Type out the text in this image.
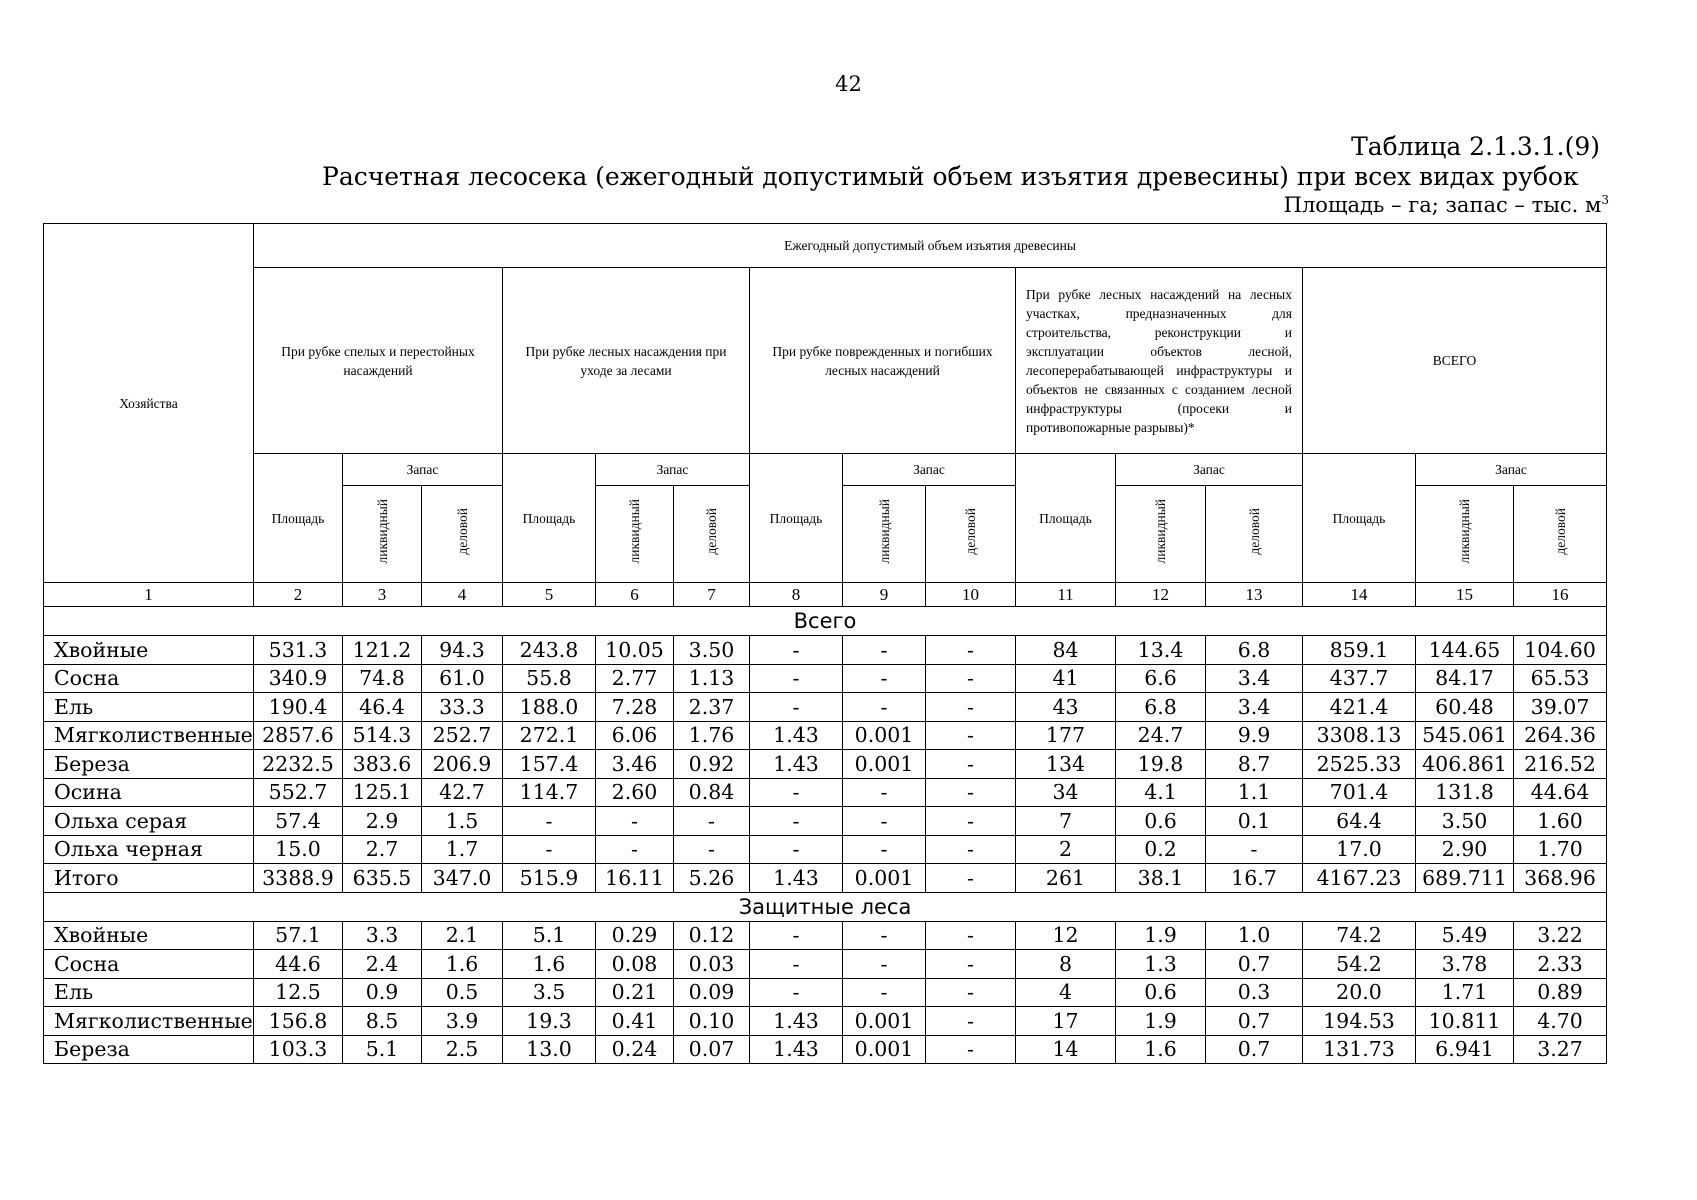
42
Таблица 2.1.3.1.(9)
Расчетная лесосека (ежегодный допустимый объем изъятия древесины) при всех видах рубок
Площадь – га; запас – тыс. $м^3$
Хозяйства	Ежегодный допустимый объем изъятия древесины														
	При рубке спелых и перестойных насаждений			При рубке лесных насаждения при уходе за лесами			При рубке поврежденных и погибших лесных насаждений			При рубке лесных насаждений на лесных участках, предназначенных для строительства, реконструкции и эксплуатации объектов лесной, лесоперерабатывающей инфраструктуры и объектов не связанных с созданием лесной инфраструктуры (просеки и противопожарные разрывы)*			ВСЕГО		
	Площадь	Запас		Площадь	Запас		Площадь	Запас		Площадь	Запас		Площадь	Запас	
		ликвидный	деловой		ликвидный	деловой		ликвидный	деловой		ликвидный	деловой		ликвидный	деловой
1	2	3	4	5	6	7	8	9	10	11	12	13	14	15	16
Всего															
Хвойные	531.3	121.2	94.3	243.8	10.05	3.50	-	-	-	84	13.4	6.8	859.1	144.65	104.60
Сосна	340.9	74.8	61.0	55.8	2.77	1.13	-	-	-	41	6.6	3.4	437.7	84.17	65.53
Ель	190.4	46.4	33.3	188.0	7.28	2.37	-	-	-	43	6.8	3.4	421.4	60.48	39.07
Мягколиственные	2857.6	514.3	252.7	272.1	6.06	1.76	1.43	0.001	-	177	24.7	9.9	3308.13	545.061	264.36
Береза	2232.5	383.6	206.9	157.4	3.46	0.92	1.43	0.001	-	134	19.8	8.7	2525.33	406.861	216.52
Осина	552.7	125.1	42.7	114.7	2.60	0.84	-	-	-	34	4.1	1.1	701.4	131.8	44.64
Ольха серая	57.4	2.9	1.5	-	-	-	-	-	-	7	0.6	0.1	64.4	3.50	1.60
Ольха черная	15.0	2.7	1.7	-	-	-	-	-	-	2	0.2	-	17.0	2.90	1.70
Итого	3388.9	635.5	347.0	515.9	16.11	5.26	1.43	0.001	-	261	38.1	16.7	4167.23	689.711	368.96
Защитные леса															
Хвойные	57.1	3.3	2.1	5.1	0.29	0.12	-	-	-	12	1.9	1.0	74.2	5.49	3.22
Сосна	44.6	2.4	1.6	1.6	0.08	0.03	-	-	-	8	1.3	0.7	54.2	3.78	2.33
Ель	12.5	0.9	0.5	3.5	0.21	0.09	-	-	-	4	0.6	0.3	20.0	1.71	0.89
Мягколиственные	156.8	8.5	3.9	19.3	0.41	0.10	1.43	0.001	-	17	1.9	0.7	194.53	10.811	4.70
Береза	103.3	5.1	2.5	13.0	0.24	0.07	1.43	0.001	-	14	1.6	0.7	131.73	6.941	3.27
